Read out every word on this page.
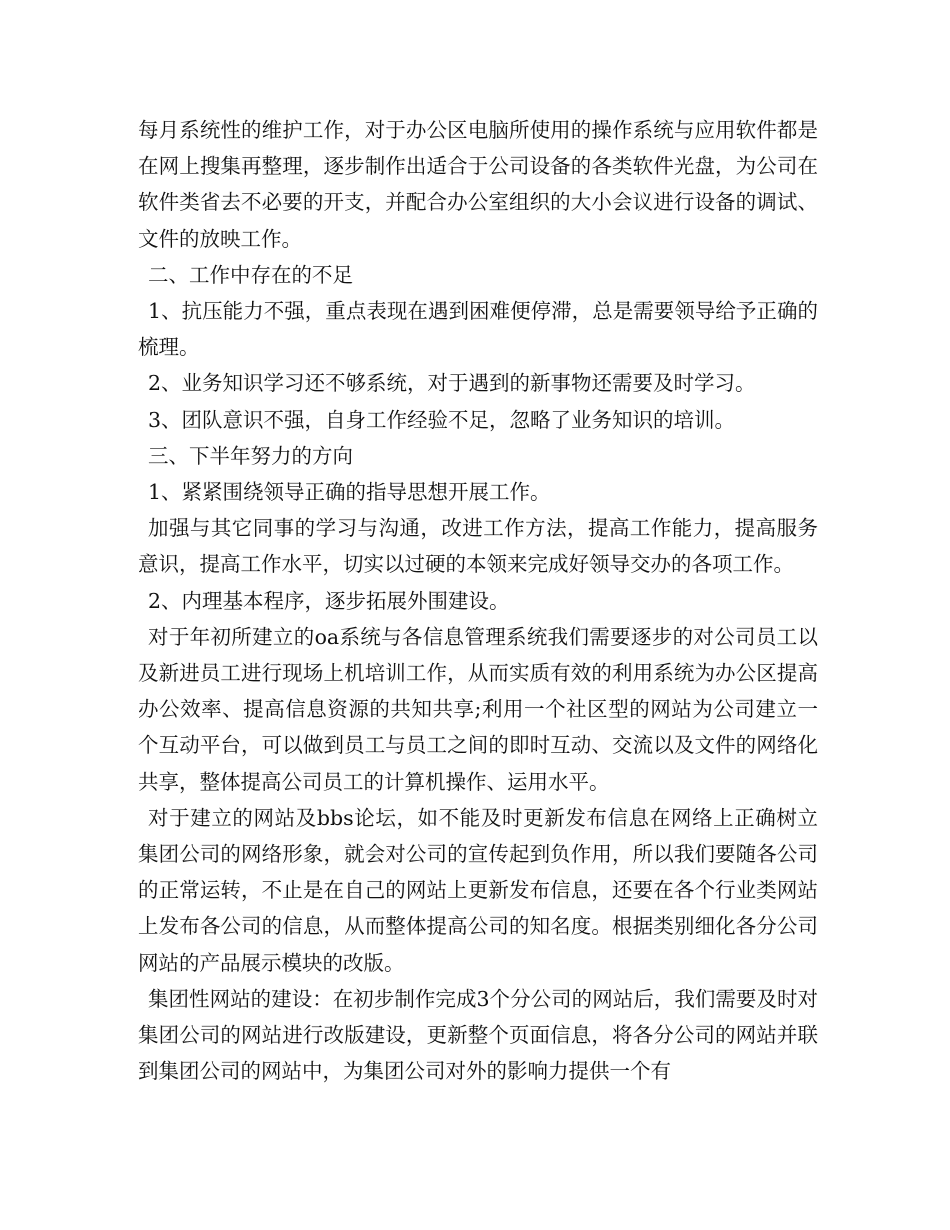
每月系统性的维护工作，对于办公区电脑所使用的操作系统与应用软件都是在网上搜集再整理，逐步制作出适合于公司设备的各类软件光盘，为公司在软件类省去不必要的开支，并配合办公室组织的大小会议进行设备的调试、文件的放映工作。

二、工作中存在的不足

1、抗压能力不强，重点表现在遇到困难便停滞，总是需要领导给予正确的梳理。

2、业务知识学习还不够系统，对于遇到的新事物还需要及时学习。

3、团队意识不强，自身工作经验不足，忽略了业务知识的培训。

三、下半年努力的方向

1、紧紧围绕领导正确的指导思想开展工作。

加强与其它同事的学习与沟通，改进工作方法，提高工作能力，提高服务意识，提高工作水平，切实以过硬的本领来完成好领导交办的各项工作。

2、内理基本程序，逐步拓展外围建设。

对于年初所建立的oa系统与各信息管理系统我们需要逐步的对公司员工以及新进员工进行现场上机培训工作，从而实质有效的利用系统为办公区提高办公效率、提高信息资源的共知共享;利用一个社区型的网站为公司建立一个互动平台，可以做到员工与员工之间的即时互动、交流以及文件的网络化共享，整体提高公司员工的计算机操作、运用水平。

对于建立的网站及bbs论坛，如不能及时更新发布信息在网络上正确树立集团公司的网络形象，就会对公司的宣传起到负作用，所以我们要随各公司的正常运转，不止是在自己的网站上更新发布信息，还要在各个行业类网站上发布各公司的信息，从而整体提高公司的知名度。根据类别细化各分公司网站的产品展示模块的改版。

集团性网站的建设：在初步制作完成3个分公司的网站后，我们需要及时对集团公司的网站进行改版建设，更新整个页面信息，将各分公司的网站并联到集团公司的网站中，为集团公司对外的影响力提供一个有
